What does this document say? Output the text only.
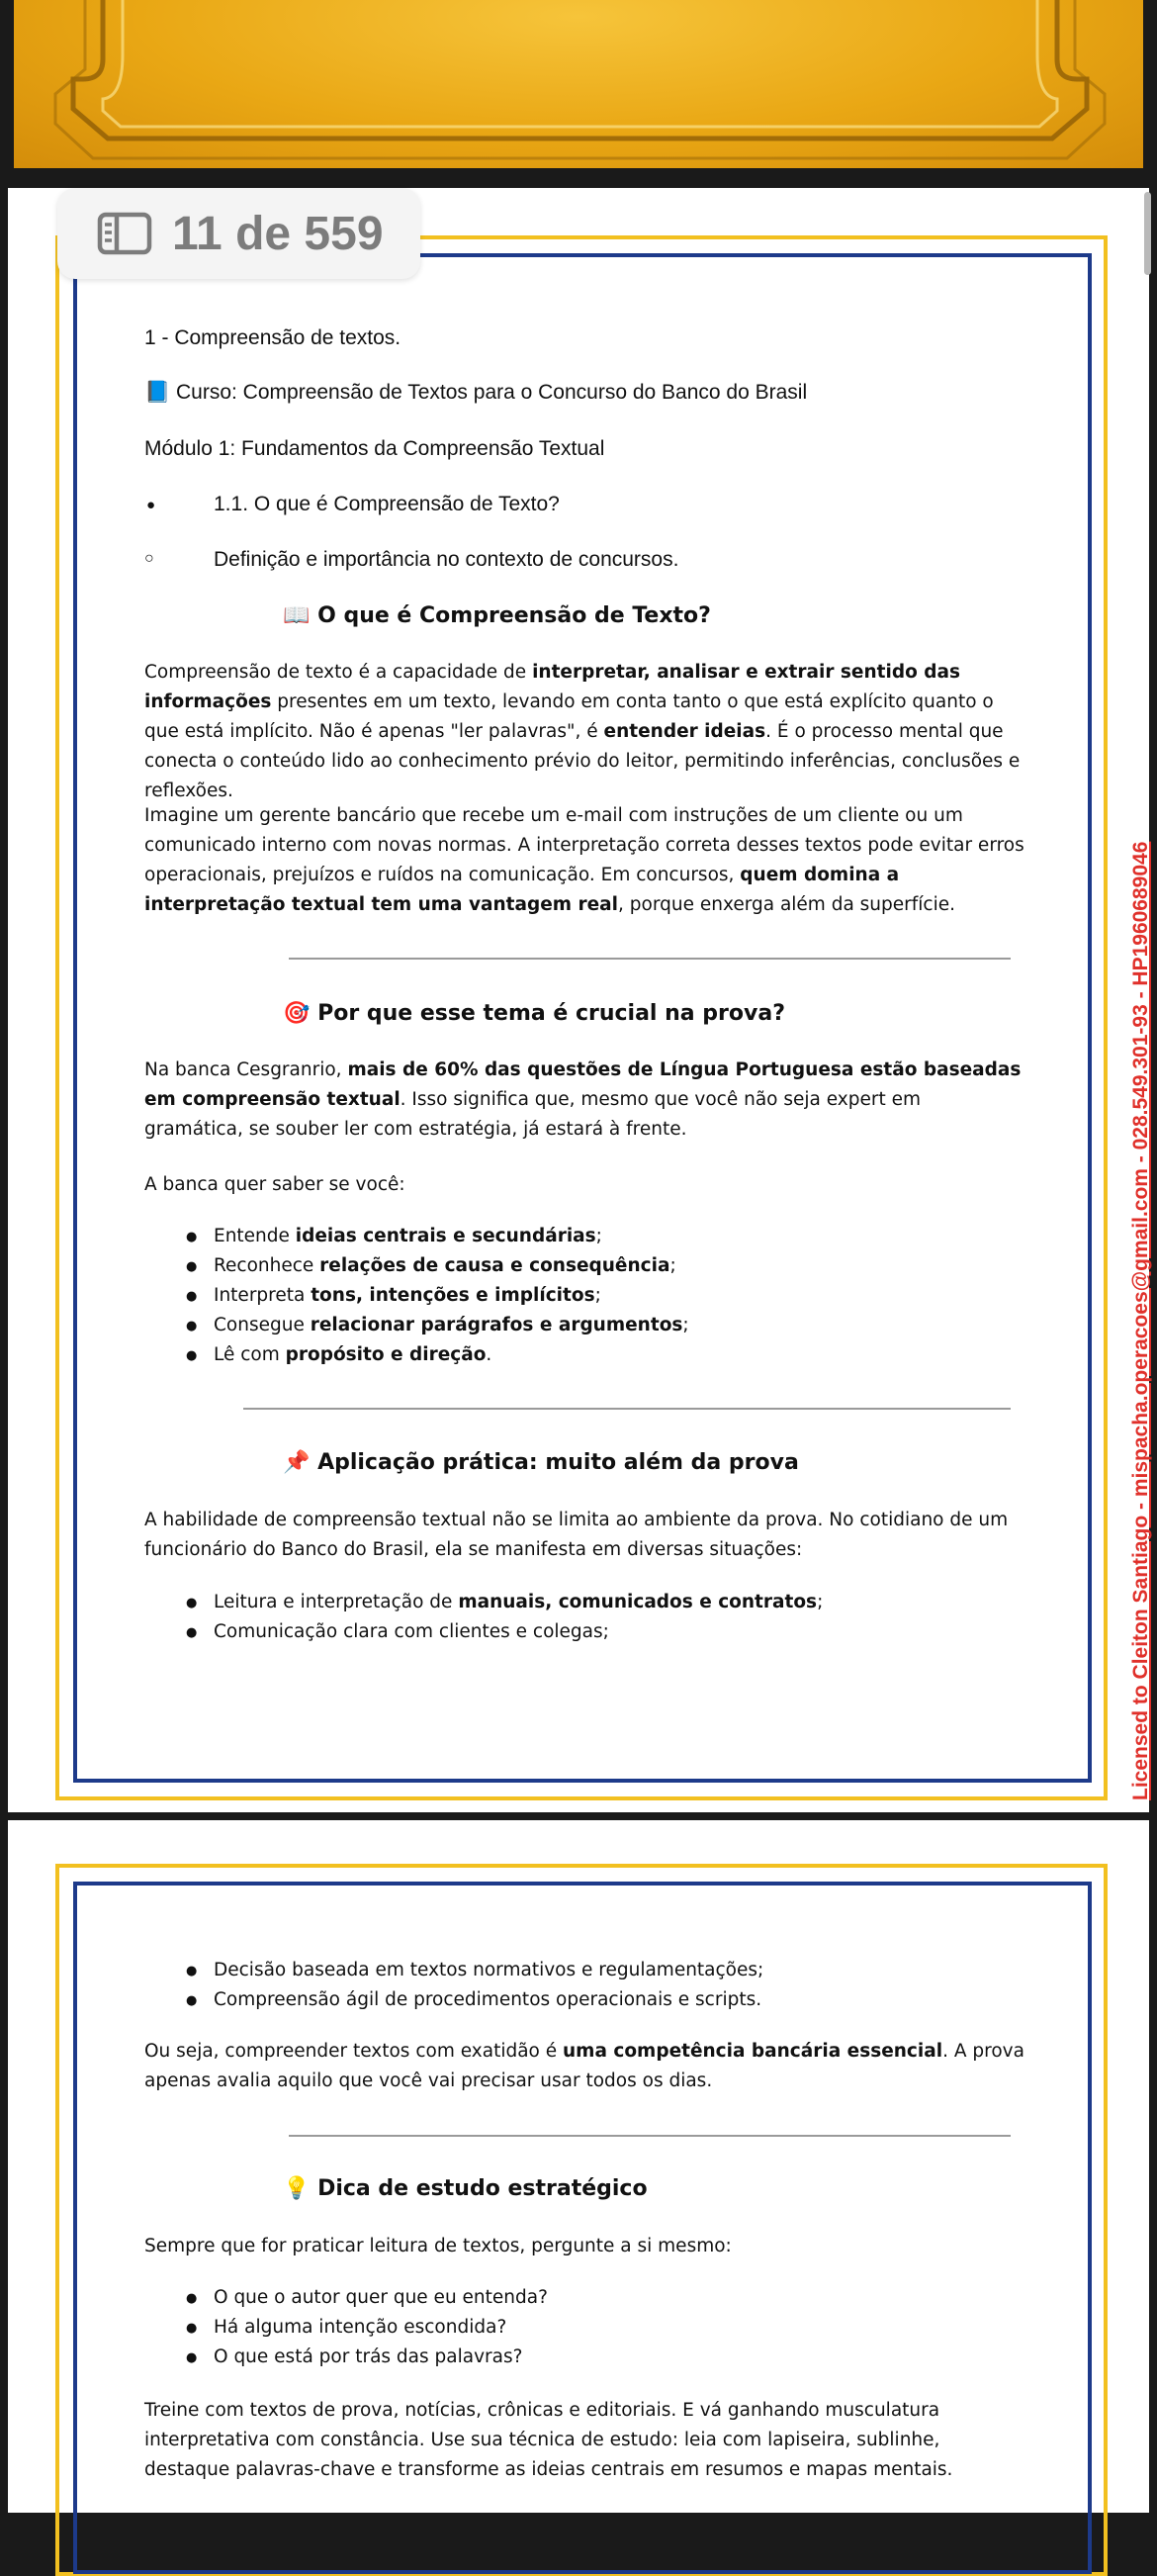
11 de 559
1 - Compreensão de textos.
📘 Curso: Compreensão de Textos para o Concurso do Banco do Brasil
Módulo 1: Fundamentos da Compreensão Textual
●	1.1. O que é Compreensão de Texto?
○	Definição e importância no contexto de concursos.
📖 O que é Compreensão de Texto?

Compreensão de texto é a capacidade de interpretar, analisar e extrair sentido das informações presentes em um texto, levando em conta tanto o que está explícito quanto o que está implícito. Não é apenas "ler palavras", é entender ideias. É o processo mental que conecta o conteúdo lido ao conhecimento prévio do leitor, permitindo inferências, conclusões e reflexões.

Imagine um gerente bancário que recebe um e-mail com instruções de um cliente ou um comunicado interno com novas normas. A interpretação correta desses textos pode evitar erros operacionais, prejuízos e ruídos na comunicação. Em concursos, quem domina a interpretação textual tem uma vantagem real, porque enxerga além da superfície.

🎯 Por que esse tema é crucial na prova?

Na banca Cesgranrio, mais de 60% das questões de Língua Portuguesa estão baseadas em compreensão textual. Isso significa que, mesmo que você não seja expert em gramática, se souber ler com estratégia, já estará à frente.

A banca quer saber se você:

● Entende ideias centrais e secundárias;
● Reconhece relações de causa e consequência;
● Interpreta tons, intenções e implícitos;
● Consegue relacionar parágrafos e argumentos;
● Lê com propósito e direção.
📌 Aplicação prática: muito além da prova

A habilidade de compreensão textual não se limita ao ambiente da prova. No cotidiano de um funcionário do Banco do Brasil, ela se manifesta em diversas situações:

● Leitura e interpretação de manuais, comunicados e contratos;
● Comunicação clara com clientes e colegas;
● Decisão baseada em textos normativos e regulamentações;
● Compreensão ágil de procedimentos operacionais e scripts.

Ou seja, compreender textos com exatidão é uma competência bancária essencial. A prova apenas avalia aquilo que você vai precisar usar todos os dias.

💡 Dica de estudo estratégico

Sempre que for praticar leitura de textos, pergunte a si mesmo:

● O que o autor quer que eu entenda?
● Há alguma intenção escondida?
● O que está por trás das palavras?

Treine com textos de prova, notícias, crônicas e editoriais. E vá ganhando musculatura interpretativa com constância. Use sua técnica de estudo: leia com lapiseira, sublinhe, destaque palavras-chave e transforme as ideias centrais em resumos e mapas mentais.

Licensed to Cleiton Santiago - mispacha.operacoes@gmail.com - 028.549.301-93 - HP1960689046
